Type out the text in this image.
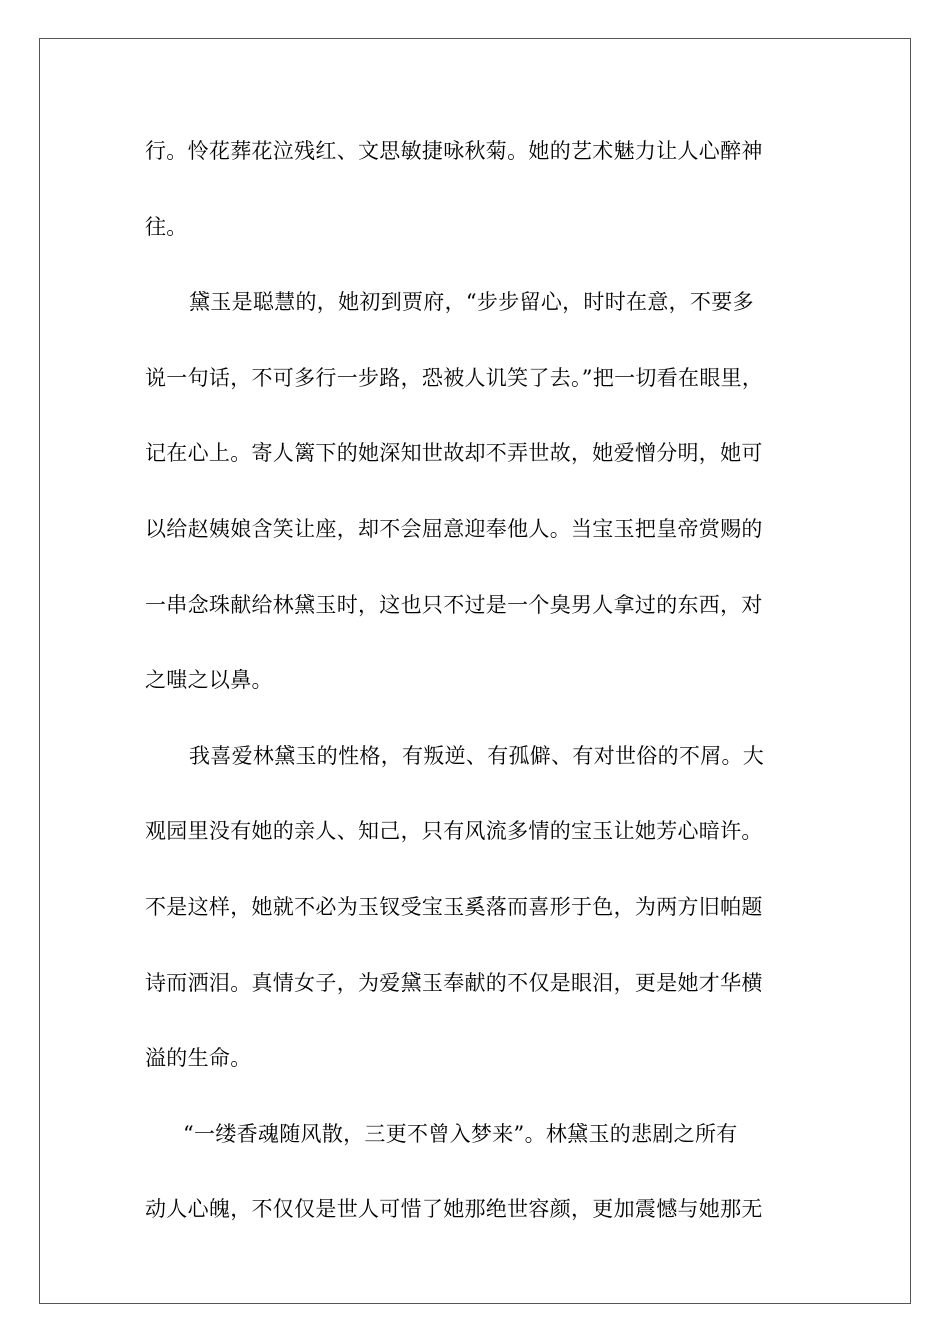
行。怜花葬花泣残红、文思敏捷咏秋菊。她的艺术魅力让人心醉神
往。
黛玉是聪慧的，她初到贾府，“步步留心，时时在意，不要多
说一句话，不可多行一步路，恐被人讥笑了去。”把一切看在眼里，
记在心上。寄人篱下的她深知世故却不弄世故，她爱憎分明，她可
以给赵姨娘含笑让座，却不会屈意迎奉他人。当宝玉把皇帝赏赐的
一串念珠献给林黛玉时，这也只不过是一个臭男人拿过的东西，对
之嗤之以鼻。
我喜爱林黛玉的性格，有叛逆、有孤僻、有对世俗的不屑。大
观园里没有她的亲人、知己，只有风流多情的宝玉让她芳心暗许。
不是这样，她就不必为玉钗受宝玉奚落而喜形于色，为两方旧帕题
诗而洒泪。真情女子，为爱黛玉奉献的不仅是眼泪，更是她才华横
溢的生命。
“一缕香魂随风散，三更不曾入梦来”。林黛玉的悲剧之所有
动人心魄，不仅仅是世人可惜了她那绝世容颜，更加震憾与她那无
